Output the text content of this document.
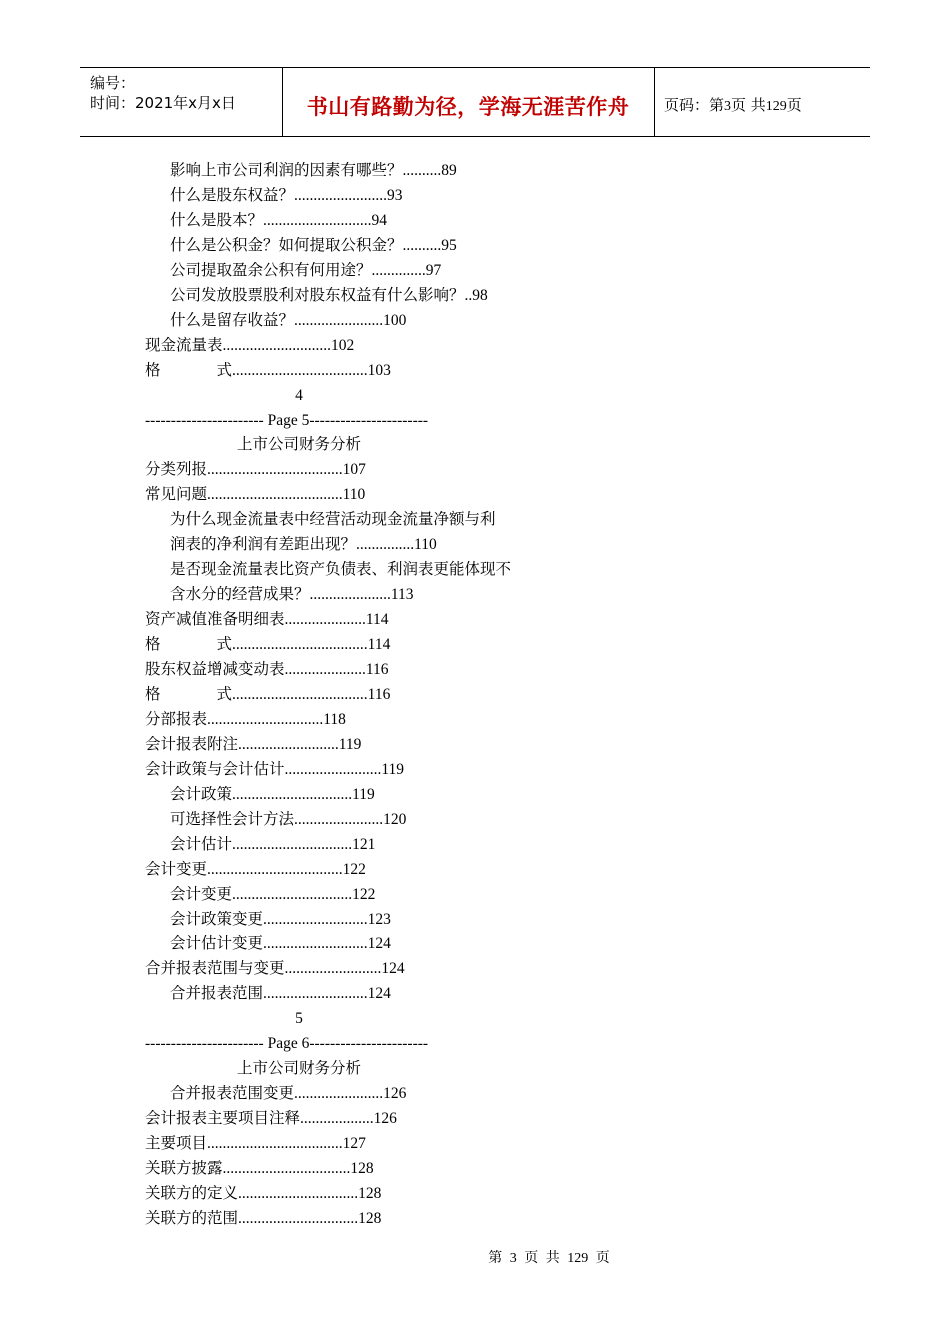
编号：
时间：2021年x月x日	书山有路勤为径，学海无涯苦作舟	页码：第3页 共129页
影响上市公司利润的因素有哪些？..........89
什么是股东权益？........................93
什么是股本？............................94
什么是公积金？如何提取公积金？..........95
公司提取盈余公积有何用途？..............97
公司发放股票股利对股东权益有什么影响？..98
什么是留存收益？.......................100
现金流量表............................102
格	式...................................103
4
----------------------- Page 5-----------------------
上市公司财务分析
分类列报...................................107
常见问题...................................110
为什么现金流量表中经营活动现金流量净额与利
润表的净利润有差距出现？...............110
是否现金流量表比资产负债表、利润表更能体现不
含水分的经营成果？.....................113
资产减值准备明细表.....................114
格	式...................................114
股东权益增减变动表.....................116
格	式...................................116
分部报表..............................118
会计报表附注..........................119
会计政策与会计估计.........................119
会计政策...............................119
可选择性会计方法.......................120
会计估计...............................121
会计变更...................................122
会计变更...............................122
会计政策变更...........................123
会计估计变更...........................124
合并报表范围与变更.........................124
合并报表范围...........................124
5
----------------------- Page 6-----------------------
上市公司财务分析
合并报表范围变更.......................126
会计报表主要项目注释...................126
主要项目...................................127
关联方披露.................................128
关联方的定义...............................128
关联方的范围...............................128
第 3 页 共 129 页
